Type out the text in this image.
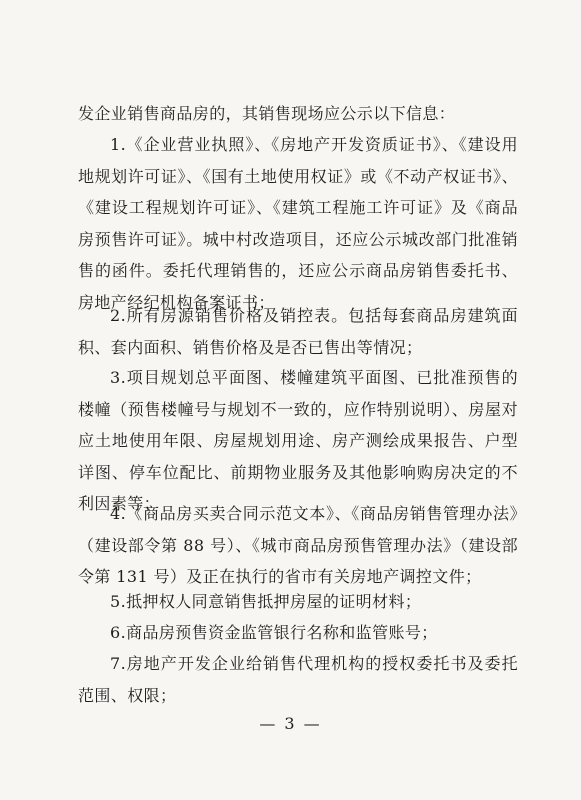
发企业销售商品房的，其销售现场应公示以下信息：

1.《企业营业执照》、《房地产开发资质证书》、《建设用地规划许可证》、《国有土地使用权证》或《不动产权证书》、《建设工程规划许可证》、《建筑工程施工许可证》及《商品房预售许可证》。城中村改造项目，还应公示城改部门批准销售的函件。委托代理销售的，还应公示商品房销售委托书、房地产经纪机构备案证书；

2.所有房源销售价格及销控表。包括每套商品房建筑面积、套内面积、销售价格及是否已售出等情况；

3.项目规划总平面图、楼幢建筑平面图、已批准预售的楼幢（预售楼幢号与规划不一致的，应作特别说明）、房屋对应土地使用年限、房屋规划用途、房产测绘成果报告、户型详图、停车位配比、前期物业服务及其他影响购房决定的不利因素等；

4.《商品房买卖合同示范文本》、《商品房销售管理办法》（建设部令第 88 号）、《城市商品房预售管理办法》（建设部令第 131 号）及正在执行的省市有关房地产调控文件；

5.抵押权人同意销售抵押房屋的证明材料；

6.商品房预售资金监管银行名称和监管账号；

7.房地产开发企业给销售代理机构的授权委托书及委托范围、权限；

— 3 —
